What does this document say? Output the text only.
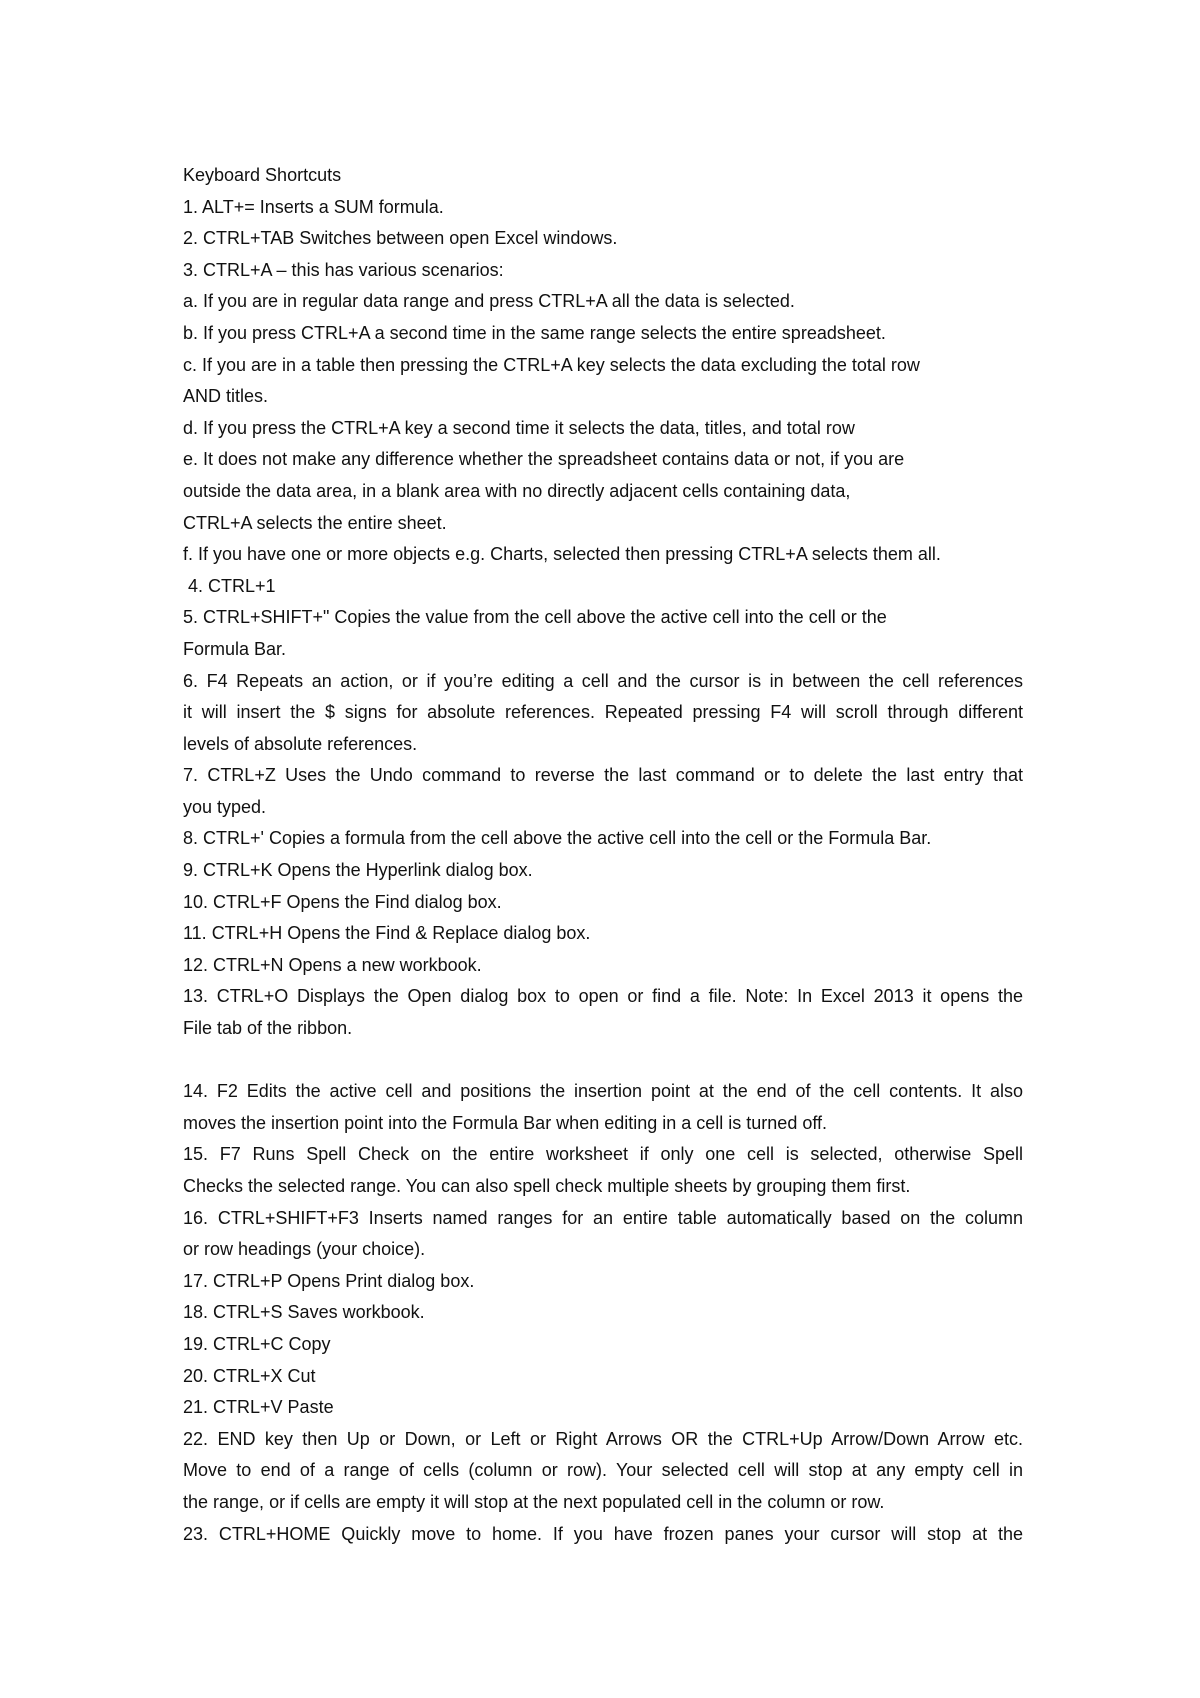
Keyboard Shortcuts
1. ALT+= Inserts a SUM formula.
2. CTRL+TAB Switches between open Excel windows.
3. CTRL+A – this has various scenarios:
a. If you are in regular data range and press CTRL+A all the data is selected.
b. If you press CTRL+A a second time in the same range selects the entire spreadsheet.
c. If you are in a table then pressing the CTRL+A key selects the data excluding the total row
AND titles.
d. If you press the CTRL+A key a second time it selects the data, titles, and total row
e. It does not make any difference whether the spreadsheet contains data or not, if you are
outside the data area, in a blank area with no directly adjacent cells containing data,
CTRL+A selects the entire sheet.
f. If you have one or more objects e.g. Charts, selected then pressing CTRL+A selects them all.
4. CTRL+1
5. CTRL+SHIFT+" Copies the value from the cell above the active cell into the cell or the
Formula Bar.
6. F4 Repeats an action, or if you’re editing a cell and the cursor is in between the cell references
it will insert the $ signs for absolute references. Repeated pressing F4 will scroll through different
levels of absolute references.
7. CTRL+Z Uses the Undo command to reverse the last command or to delete the last entry that
you typed.
8. CTRL+' Copies a formula from the cell above the active cell into the cell or the Formula Bar.
9. CTRL+K Opens the Hyperlink dialog box.
10. CTRL+F Opens the Find dialog box.
11. CTRL+H Opens the Find & Replace dialog box.
12. CTRL+N Opens a new workbook.
13. CTRL+O Displays the Open dialog box to open or find a file. Note: In Excel 2013 it opens the
File tab of the ribbon.
14. F2 Edits the active cell and positions the insertion point at the end of the cell contents. It also
moves the insertion point into the Formula Bar when editing in a cell is turned off.
15. F7 Runs Spell Check on the entire worksheet if only one cell is selected, otherwise Spell
Checks the selected range. You can also spell check multiple sheets by grouping them first.
16. CTRL+SHIFT+F3 Inserts named ranges for an entire table automatically based on the column
or row headings (your choice).
17. CTRL+P Opens Print dialog box.
18. CTRL+S Saves workbook.
19. CTRL+C Copy
20. CTRL+X Cut
21. CTRL+V Paste
22. END key then Up or Down, or Left or Right Arrows OR the CTRL+Up Arrow/Down Arrow etc.
Move to end of a range of cells (column or row). Your selected cell will stop at any empty cell in
the range, or if cells are empty it will stop at the next populated cell in the column or row.
23. CTRL+HOME Quickly move to home. If you have frozen panes your cursor will stop at the
